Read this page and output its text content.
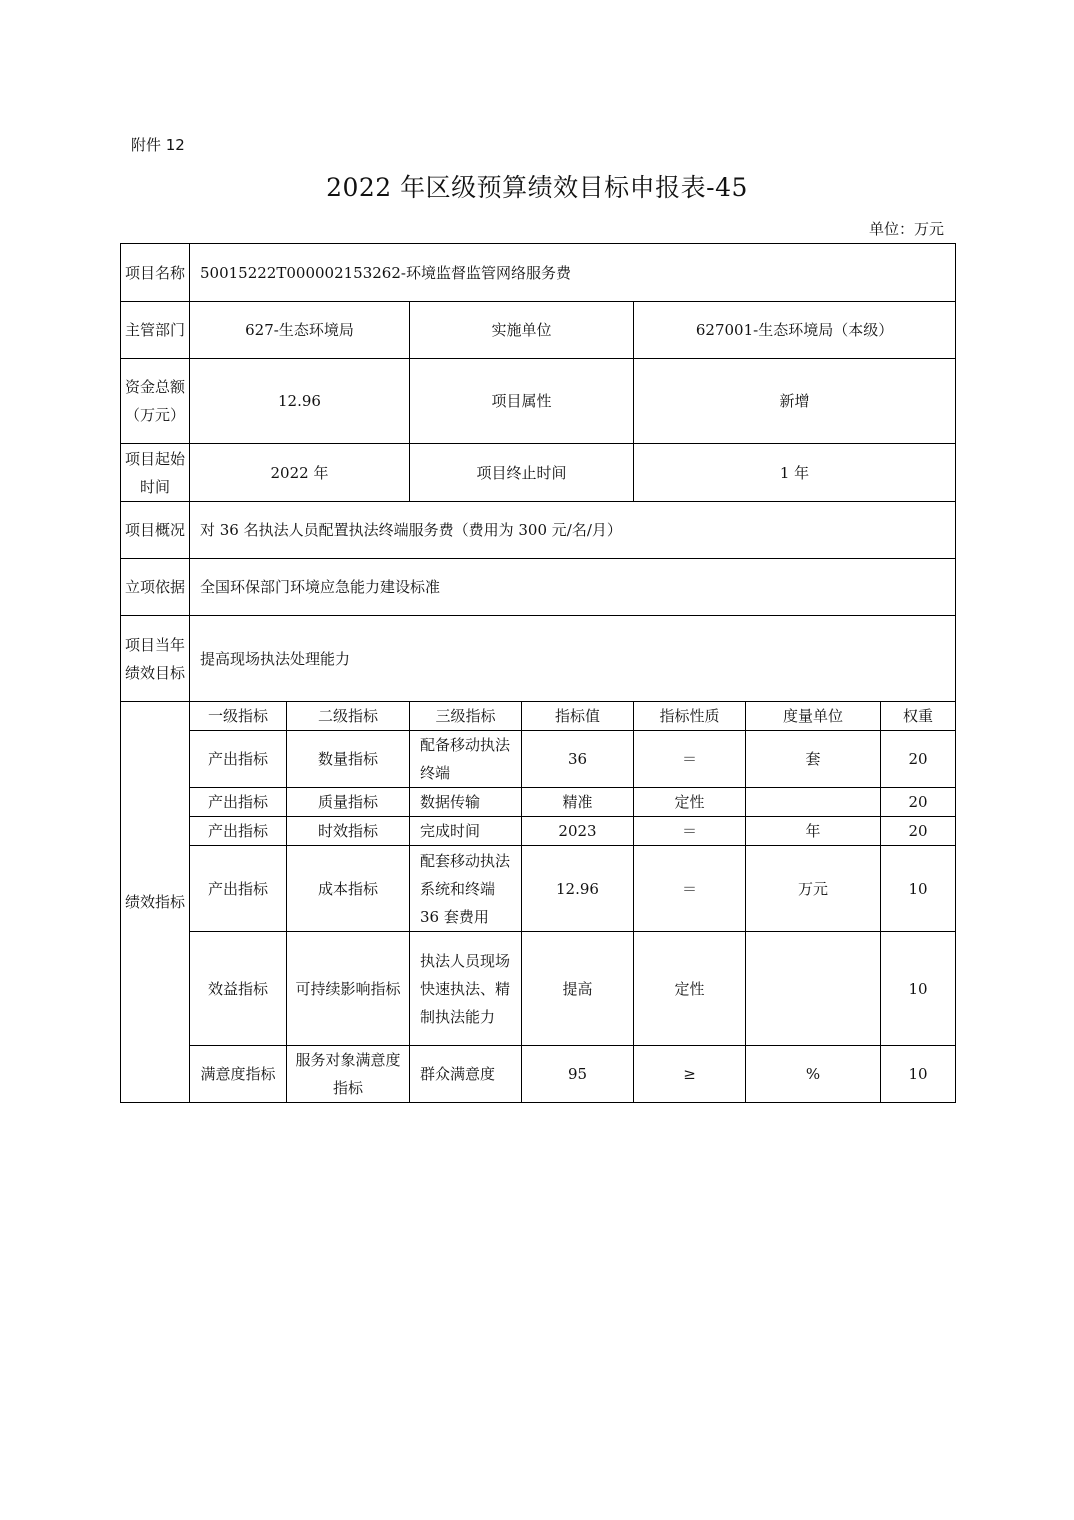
附件 12
2022 年区级预算绩效目标申报表-45
单位：万元
项目名称	50015222T000002153262-环境监督监管网络服务费						
主管部门	627-生态环境局		实施单位		627001-生态环境局（本级）		
资金总额（万元）	12.96		项目属性		新增		
项目起始时间	2022 年		项目终止时间		1 年		
项目概况	对 36 名执法人员配置执法终端服务费（费用为 300 元/名/月）						
立项依据	全国环保部门环境应急能力建设标准						
项目当年绩效目标	提高现场执法处理能力						
绩效指标	一级指标	二级指标	三级指标	指标值	指标性质	度量单位	权重
	产出指标	数量指标	配备移动执法终端	36	＝	套	20
	产出指标	质量指标	数据传输	精准	定性		20
	产出指标	时效指标	完成时间	2023	＝	年	20
	产出指标	成本指标	配套移动执法系统和终端 36 套费用	12.96	＝	万元	10
	效益指标	可持续影响指标	执法人员现场快速执法、精制执法能力	提高	定性		10
	满意度指标	服务对象满意度指标	群众满意度	95	≥	%	10
